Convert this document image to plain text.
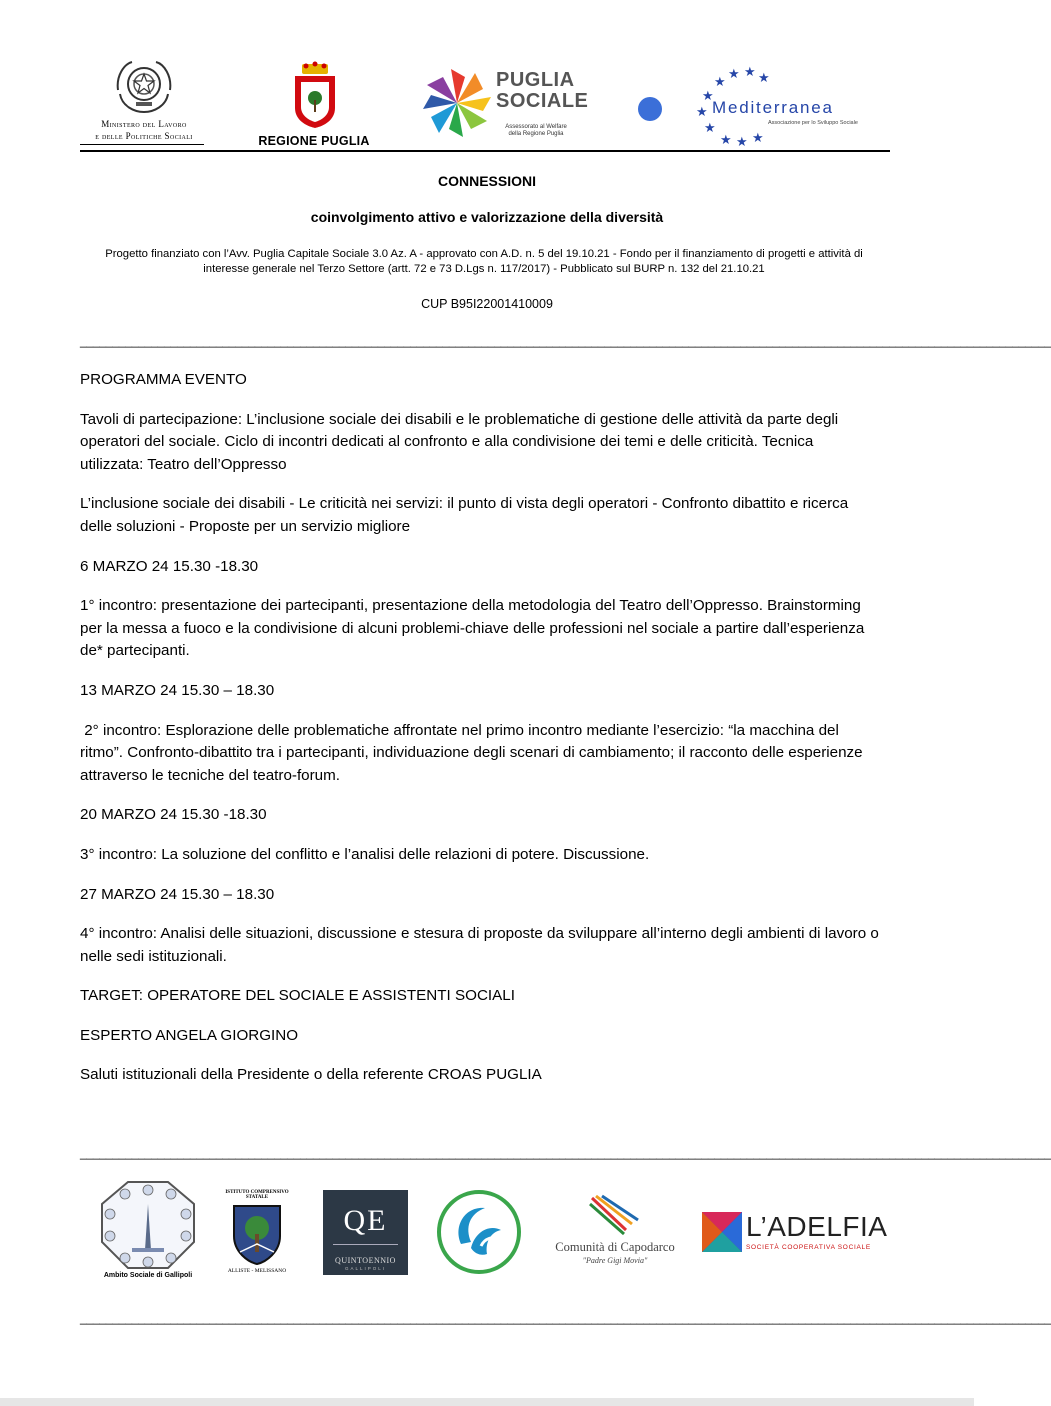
Ministero del Lavoro
e delle Politiche Sociali	REGIONE PUGLIA
PUGLIA
SOCIALE
Assessorato al Welfare
della Regione Puglia
★ ★ ★
★
★
★
★
★ ★ ★
Mediterranea
Associazione per lo Sviluppo Sociale
CONNESSIONI
coinvolgimento attivo e valorizzazione della diversità
Progetto finanziato con l’Avv. Puglia Capitale Sociale 3.0 Az. A - approvato con A.D. n. 5 del 19.10.21 - Fondo per il finanziamento di progetti e attività di interesse generale nel Terzo Settore (artt. 72 e 73 D.Lgs n. 117/2017) - Pubblicato sul BURP n. 132 del 21.10.21
CUP B95I22001410009
______________________________________________________________________________________________________________________________________________________

PROGRAMMA EVENTO

Tavoli di partecipazione: L’inclusione sociale dei disabili e le problematiche di gestione delle attività da parte degli operatori del sociale. Ciclo di incontri dedicati al confronto e alla condivisione dei temi e delle criticità. Tecnica utilizzata: Teatro dell’Oppresso

L’inclusione sociale dei disabili - Le criticità nei servizi: il punto di vista degli operatori - Confronto dibattito e ricerca delle soluzioni - Proposte per un servizio migliore

6 MARZO 24 15.30 -18.30

1° incontro: presentazione dei partecipanti, presentazione della metodologia del Teatro dell’Oppresso. Brainstorming per la messa a fuoco e la condivisione di alcuni problemi-chiave delle professioni nel sociale a partire dall’esperienza de* partecipanti.

13 MARZO 24 15.30 – 18.30

2° incontro: Esplorazione delle problematiche affrontate nel primo incontro mediante l’esercizio: “la macchina del ritmo”. Confronto-dibattito tra i partecipanti, individuazione degli scenari di cambiamento; il racconto delle esperienze attraverso le tecniche del teatro-forum.

20 MARZO 24 15.30 -18.30

3° incontro: La soluzione del conflitto e l’analisi delle relazioni di potere. Discussione.

27 MARZO 24 15.30 – 18.30

4° incontro: Analisi delle situazioni, discussione e stesura di proposte da sviluppare all’interno degli ambienti di lavoro o nelle sedi istituzionali.

TARGET: OPERATORE DEL SOCIALE E ASSISTENTI SOCIALI

ESPERTO ANGELA GIORGINO

Saluti istituzionali della Presidente o della referente CROAS PUGLIA

______________________________________________________________________________________________________________________________________________________
Ambito Sociale di Gallipoli
ISTITUTO COMPRENSIVO STATALE
ALLISTE - MELISSANO
QE
QUINTOENNIO
GALLIPOLI
Comunità di Capodarco
"Padre Gigi Movia"
L’ADELFIA
SOCIETÀ COOPERATIVA SOCIALE
______________________________________________________________________________________________________________________________________________________
